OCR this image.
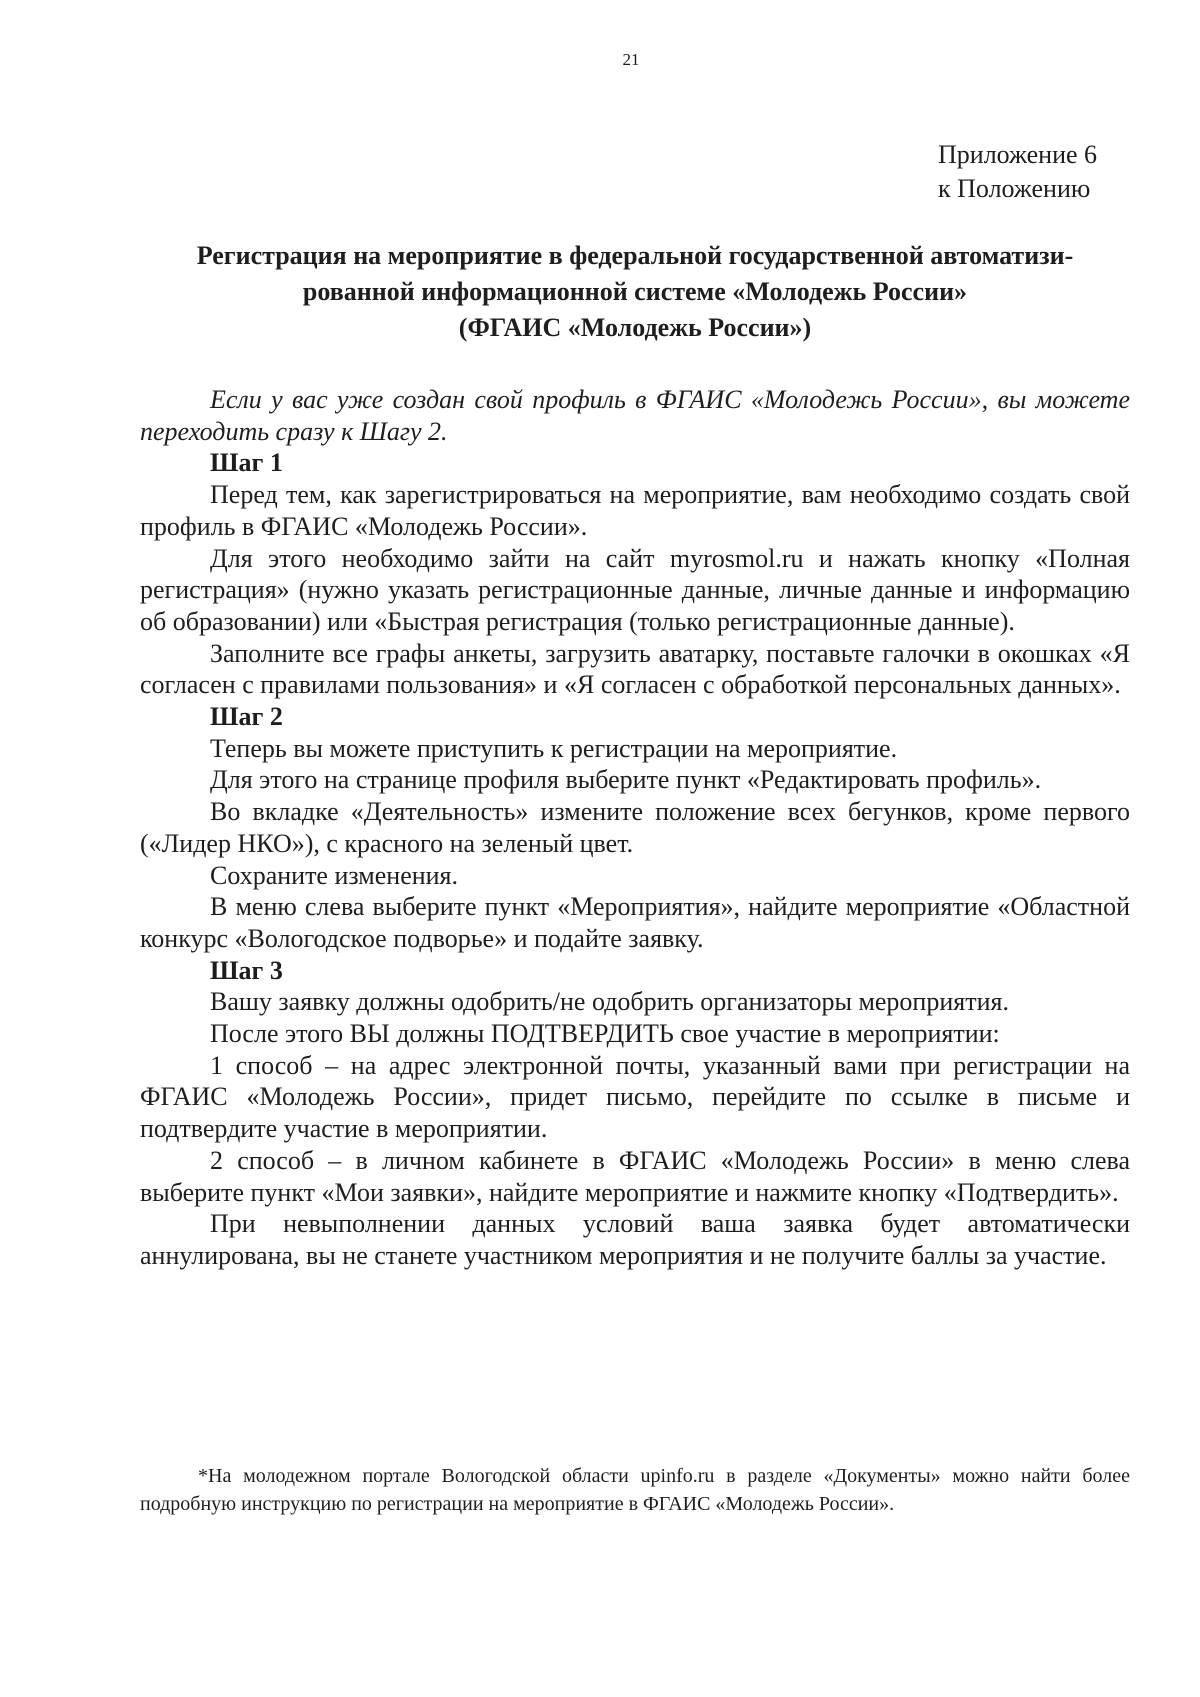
21
Приложение 6
к Положению
Регистрация на мероприятие в федеральной государственной автоматизи-
рованной информационной системе «Молодежь России»
(ФГАИС «Молодежь России»)

Если у вас уже создан свой профиль в ФГАИС «Молодежь России», вы можете переходить сразу к Шагу 2.

Шаг 1

Перед тем, как зарегистрироваться на мероприятие, вам необходимо создать свой профиль в ФГАИС «Молодежь России».

Для этого необходимо зайти на сайт myrosmol.ru и нажать кнопку «Полная регистрация» (нужно указать регистрационные данные, личные данные и информацию об образовании) или «Быстрая регистрация (только регистрационные данные).

Заполните все графы анкеты, загрузить аватарку, поставьте галочки в окошках «Я согласен с правилами пользования» и «Я согласен с обработкой персональных данных».

Шаг 2

Теперь вы можете приступить к регистрации на мероприятие.

Для этого на странице профиля выберите пункт «Редактировать профиль».

Во вкладке «Деятельность» измените положение всех бегунков, кроме первого («Лидер НКО»), с красного на зеленый цвет.

Сохраните изменения.

В меню слева выберите пункт «Мероприятия», найдите мероприятие «Областной конкурс «Вологодское подворье» и подайте заявку.

Шаг 3

Вашу заявку должны одобрить/не одобрить организаторы мероприятия.

После этого ВЫ должны ПОДТВЕРДИТЬ свое участие в мероприятии:

1 способ – на адрес электронной почты, указанный вами при регистрации на ФГАИС «Молодежь России», придет письмо, перейдите по ссылке в письме и подтвердите участие в мероприятии.

2 способ – в личном кабинете в ФГАИС «Молодежь России» в меню слева выберите пункт «Мои заявки», найдите мероприятие и нажмите кнопку «Подтвердить».

При невыполнении данных условий ваша заявка будет автоматически аннулирована, вы не станете участником мероприятия и не получите баллы за участие.

*На молодежном портале Вологодской области upinfo.ru в разделе «Документы» можно найти более подробную инструкцию по регистрации на мероприятие в ФГАИС «Молодежь России».
